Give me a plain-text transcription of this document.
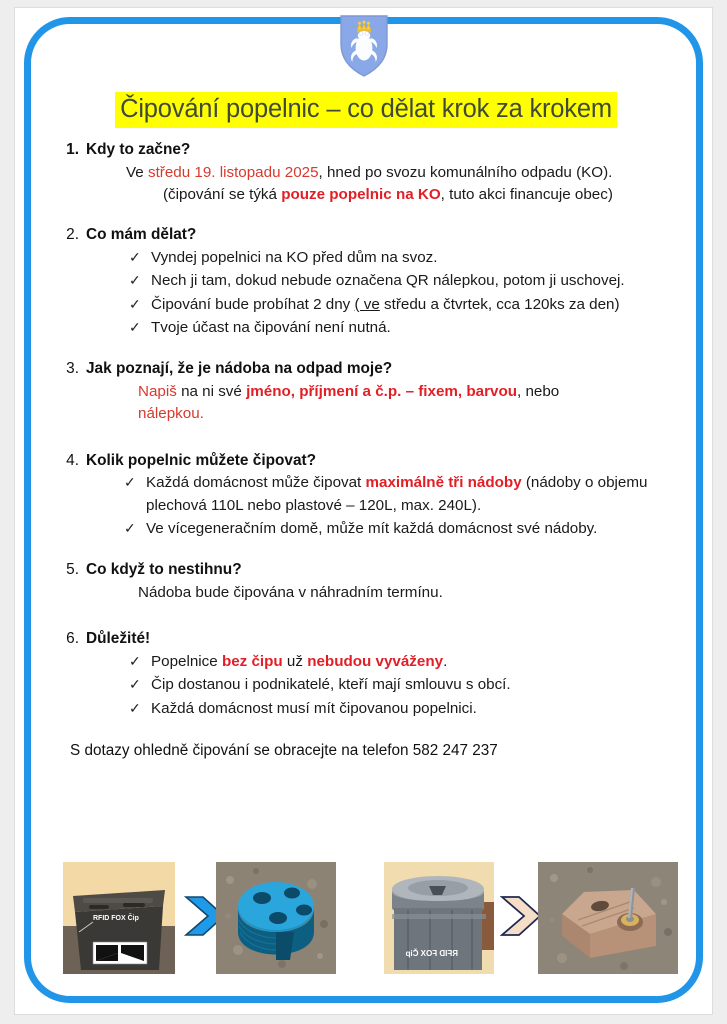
Čipování popelnic – co dělat krok za krokem
1. Kdy to začne?
Ve středu 19. listopadu 2025, hned po svozu komunálního odpadu (KO).
(čipování se týká pouze popelnic na KO, tuto akci financuje obec)
2. Co mám dělat?
✓ Vyndej popelnici na KO před dům na svoz.
✓ Nech ji tam, dokud nebude označena QR nálepkou, potom ji uschovej.
✓ Čipování bude probíhat 2 dny ( ve středu a čtvrtek, cca 120ks za den)
✓ Tvoje účast na čipování není nutná.
3. Jak poznají, že je nádoba na odpad moje?
Napiš na ni své jméno, příjmení a č.p. – fixem, barvou, nebo
nálepkou.
4. Kolik popelnic můžete čipovat?
✓ Každá domácnost může čipovat maximálně tři nádoby (nádoby o objemu plechová 110L nebo plastové – 120L, max. 240L).
✓ Ve vícegeneračním domě, může mít každá domácnost své nádoby.
5. Co když to nestihnu?
Nádoba bude čipována v náhradním termínu.
6. Důležité!
✓ Popelnice bez čipu už nebudou vyváženy.
✓ Čip dostanou i podnikatelé, kteří mají smlouvu s obcí.
✓ Každá domácnost musí mít čipovanou popelnici.
S dotazy ohledně čipování se obracejte na telefon 582 247 237
RFID FOX Čip
RFID FOX Čip
